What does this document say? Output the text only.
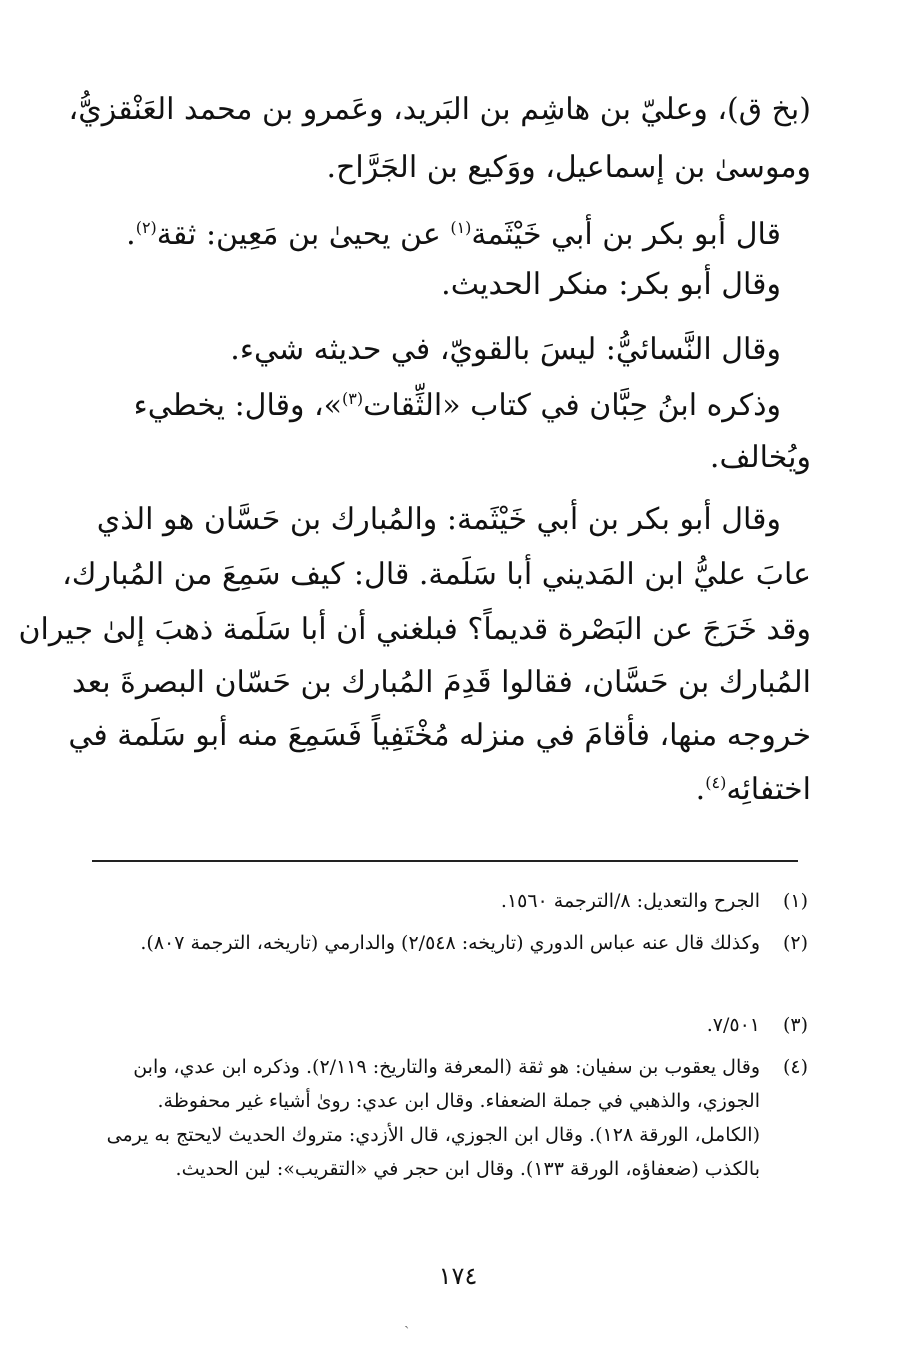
(بخ ق)، وعليّ بن هاشِم بن البَريد، وعَمرو بن محمد العَنْقزيُّ،
وموسىٰ بن إسماعيل، ووَكيع بن الجَرَّاح.
قال أبو بكر بن أبي خَيْثَمة$^{(١)}$ عن يحيىٰ بن مَعِين: ثقة$^{(٢)}$.
وقال أبو بكر: منكر الحديث.
وقال النَّسائيُّ: ليسَ بالقويّ، في حديثه شيء.
وذكره ابنُ حِبَّان في كتاب «الثِّقات$^{(٣)}$»، وقال: يخطيء
ويُخالف.
وقال أبو بكر بن أبي خَيْثَمة: والمُبارك بن حَسَّان هو الذي
عابَ عليُّ ابن المَديني أبا سَلَمة. قال: كيف سَمِعَ من المُبارك،
وقد خَرَجَ عن البَصْرة قديماً؟ فبلغني أن أبا سَلَمة ذهبَ إلىٰ جيران
المُبارك بن حَسَّان، فقالوا قَدِمَ المُبارك بن حَسّان البصرةَ بعد
خروجه منها، فأقامَ في منزله مُخْتَفِياً فَسَمِعَ منه أبو سَلَمة في
اختفائِه$^{(٤)}$.
(١)
الجرح والتعديل: ٨/الترجمة ١٥٦٠.
(٢)
وكذلك قال عنه عباس الدوري (تاريخه: ٢/٥٤٨) والدارمي (تاريخه، الترجمة ٨٠٧).
(٣)
٧/٥٠١.
(٤)
وقال يعقوب بن سفيان: هو ثقة (المعرفة والتاريخ: ٢/١١٩). وذكره ابن عدي، وابن الجوزي، والذهبي في جملة الضعفاء. وقال ابن عدي: روىٰ أشياء غير محفوظة. (الكامل، الورقة ١٢٨). وقال ابن الجوزي، قال الأزدي: متروك الحديث لايحتج به يرمى بالكذب (ضعفاؤه، الورقة ١٣٣). وقال ابن حجر في «التقريب»: لين الحديث.
١٧٤
ˎ
